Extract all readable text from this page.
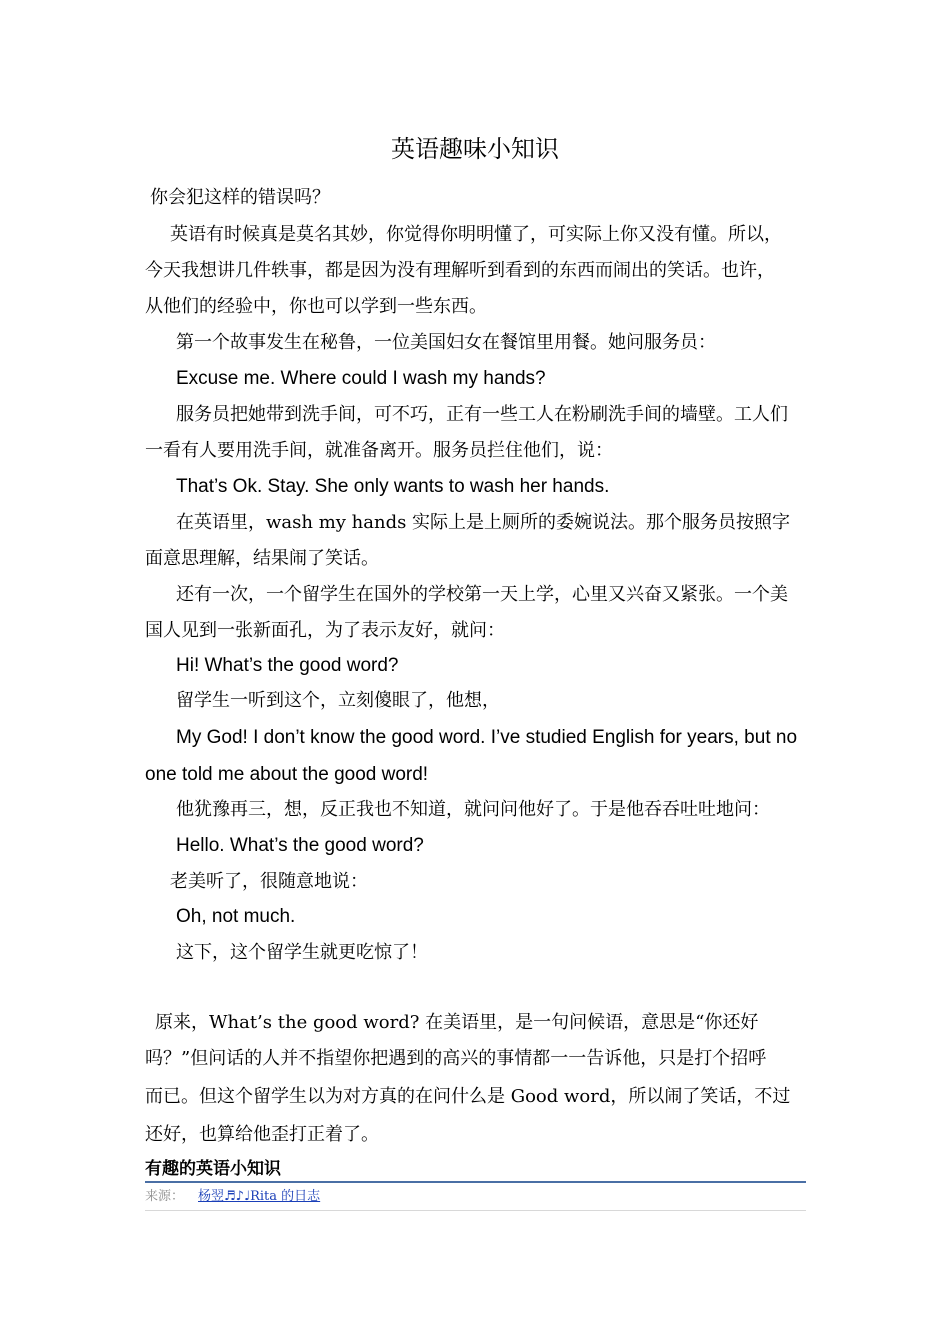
英语趣味小知识
你会犯这样的错误吗？
英语有时候真是莫名其妙，你觉得你明明懂了，可实际上你又没有懂。所以，
今天我想讲几件轶事，都是因为没有理解听到看到的东西而闹出的笑话。也许，
从他们的经验中，你也可以学到一些东西。
第一个故事发生在秘鲁，一位美国妇女在餐馆里用餐。她问服务员：
Excuse me. Where could I wash my hands?
服务员把她带到洗手间，可不巧，正有一些工人在粉刷洗手间的墙壁。工人们
一看有人要用洗手间，就准备离开。服务员拦住他们，说：
That’s Ok. Stay. She only wants to wash her hands.
在英语里，wash my hands 实际上是上厕所的委婉说法。那个服务员按照字
面意思理解，结果闹了笑话。
还有一次，一个留学生在国外的学校第一天上学，心里又兴奋又紧张。一个美
国人见到一张新面孔，为了表示友好，就问：
Hi! What’s the good word?
留学生一听到这个，立刻傻眼了，他想，
My God! I don’t know the good word. I’ve studied English for years, but no
one told me about the good word!
他犹豫再三，想，反正我也不知道，就问问他好了。于是他吞吞吐吐地问：
Hello. What’s the good word?
老美听了，很随意地说：
Oh, not much.
这下，这个留学生就更吃惊了！
原来，What’s the good word? 在美语里，是一句问候语，意思是“你还好
吗？”但问话的人并不指望你把遇到的高兴的事情都一一告诉他，只是打个招呼
而已。但这个留学生以为对方真的在问什么是 Good word，所以闹了笑话，不过
还好，也算给他歪打正着了。
有趣的英语小知识
来源： 杨翌♬♪♩Rita 的日志
